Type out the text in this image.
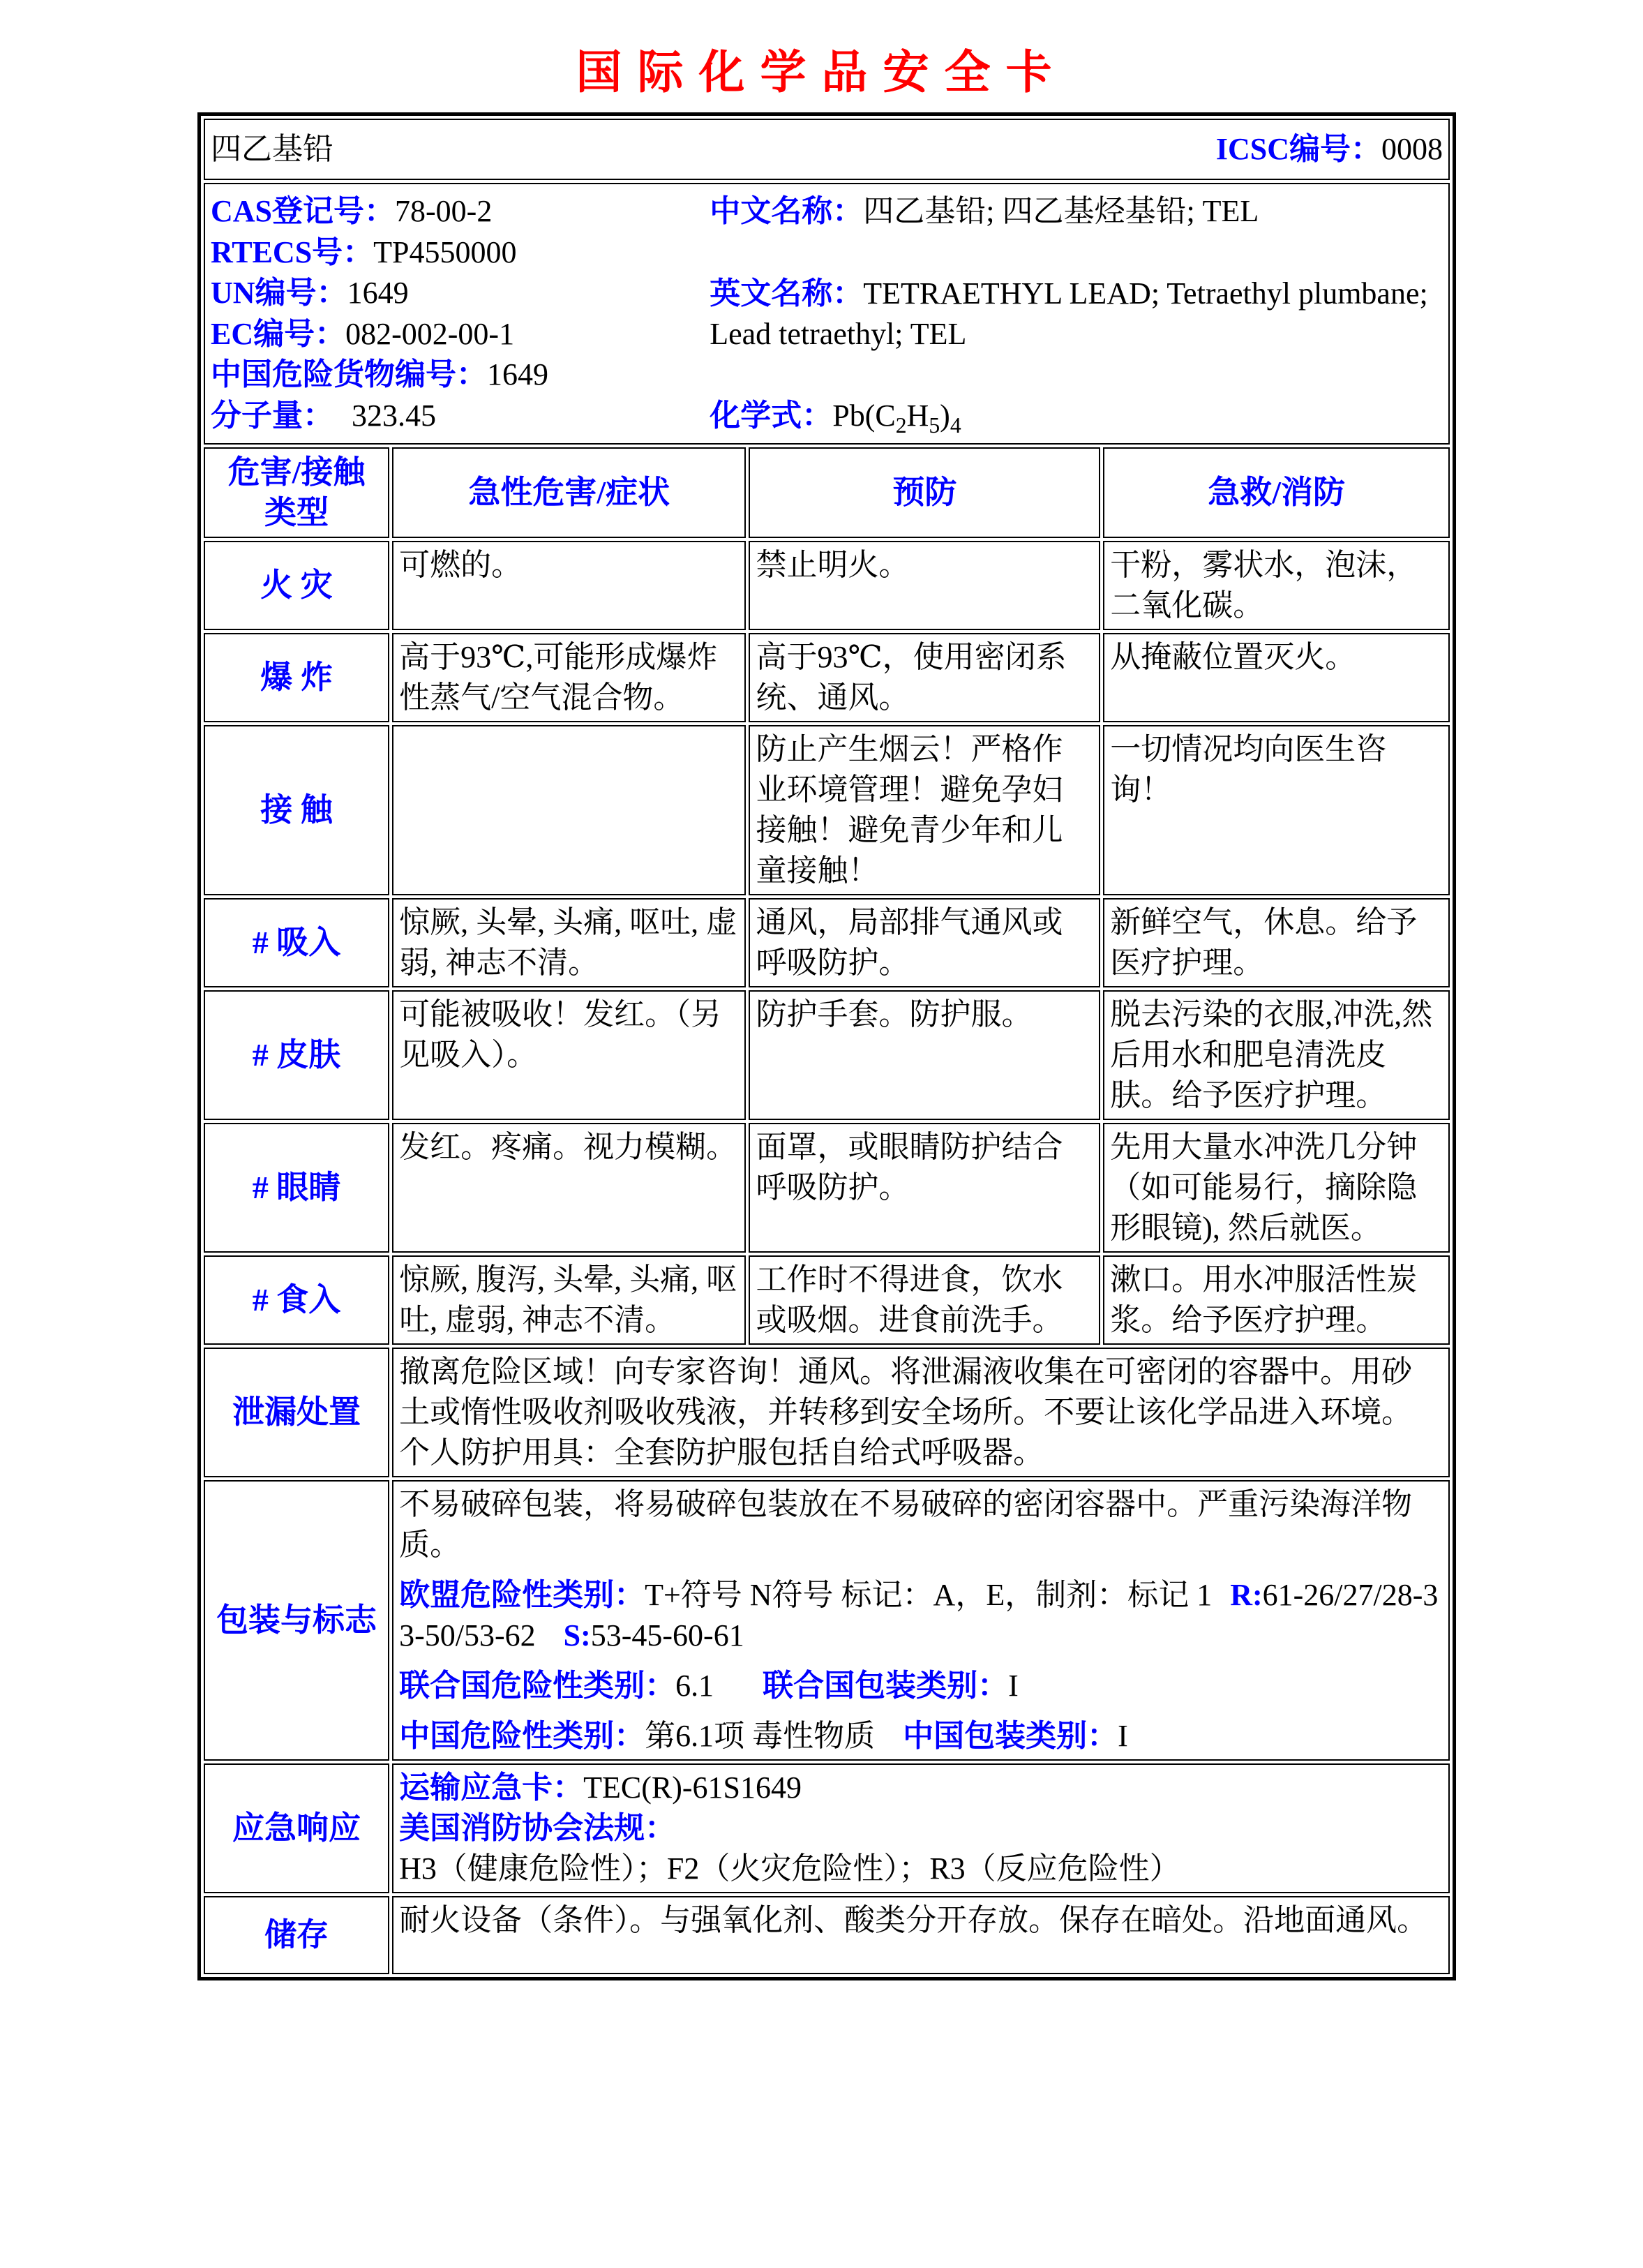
国际化学品安全卡
四乙基铅 ICSC编号：0008			

CAS登记号：78-00-2
RTECS号：TP4550000
UN编号：1649
EC编号：082-002-00-1
中国危险货物编号：1649
分子量： 323.45
中文名称：四乙基铅; 四乙基烃基铅; TEL
英文名称：TETRAETHYL LEAD; Tetraethyl plumbane; Lead tetraethyl; TEL
化学式：$Pb(C_2H_5)_4$

危害/接触
类型	急性危害/症状	预防	急救/消防
火 灾	可燃的。	禁止明火。	干粉，雾状水，泡沫，二氧化碳。
爆 炸	高于93℃,可能形成爆炸性蒸气/空气混合物。	高于93℃，使用密闭系统、通风。	从掩蔽位置灭火。
接 触		防止产生烟云！严格作业环境管理！避免孕妇接触！避免青少年和儿童接触！	一切情况均向医生咨询！
# 吸入	惊厥, 头晕, 头痛, 呕吐, 虚弱, 神志不清。	通风，局部排气通风或呼吸防护。	新鲜空气，休息。给予医疗护理。
# 皮肤	可能被吸收！发红。（另见吸入）。	防护手套。防护服。	脱去污染的衣服,冲洗,然后用水和肥皂清洗皮肤。给予医疗护理。
# 眼睛	发红。疼痛。视力模糊。	面罩，或眼睛防护结合呼吸防护。	先用大量水冲洗几分钟（如可能易行，摘除隐形眼镜), 然后就医。
# 食入	惊厥, 腹泻, 头晕, 头痛, 呕吐, 虚弱, 神志不清。	工作时不得进食，饮水或吸烟。进食前洗手。	漱口。用水冲服活性炭浆。给予医疗护理。
泄漏处置	撤离危险区域！向专家咨询！通风。将泄漏液收集在可密闭的容器中。用砂土或惰性吸收剂吸收残液，并转移到安全场所。不要让该化学品进入环境。个人防护用具：全套防护服包括自给式呼吸器。		
包装与标志	不易破碎包装，将易破碎包装放在不易破碎的密闭容器中。严重污染海洋物质。
欧盟危险性类别：T+符号 N符号 标记：A，E，制剂：标记 1 R:61-26/27/28-33-50/53-62 S:53-45-60-61
联合国危险性类别：6.1 联合国包装类别：I
中国危险性类别：第6.1项 毒性物质 中国包装类别：I		

应急响应	运输应急卡：TEC(R)-61S1649
美国消防协会法规：H3（健康危险性）；F2（火灾危险性）；R3（反应危险性）		

储存	耐火设备（条件）。与强氧化剂、酸类分开存放。保存在暗处。沿地面通风。		
